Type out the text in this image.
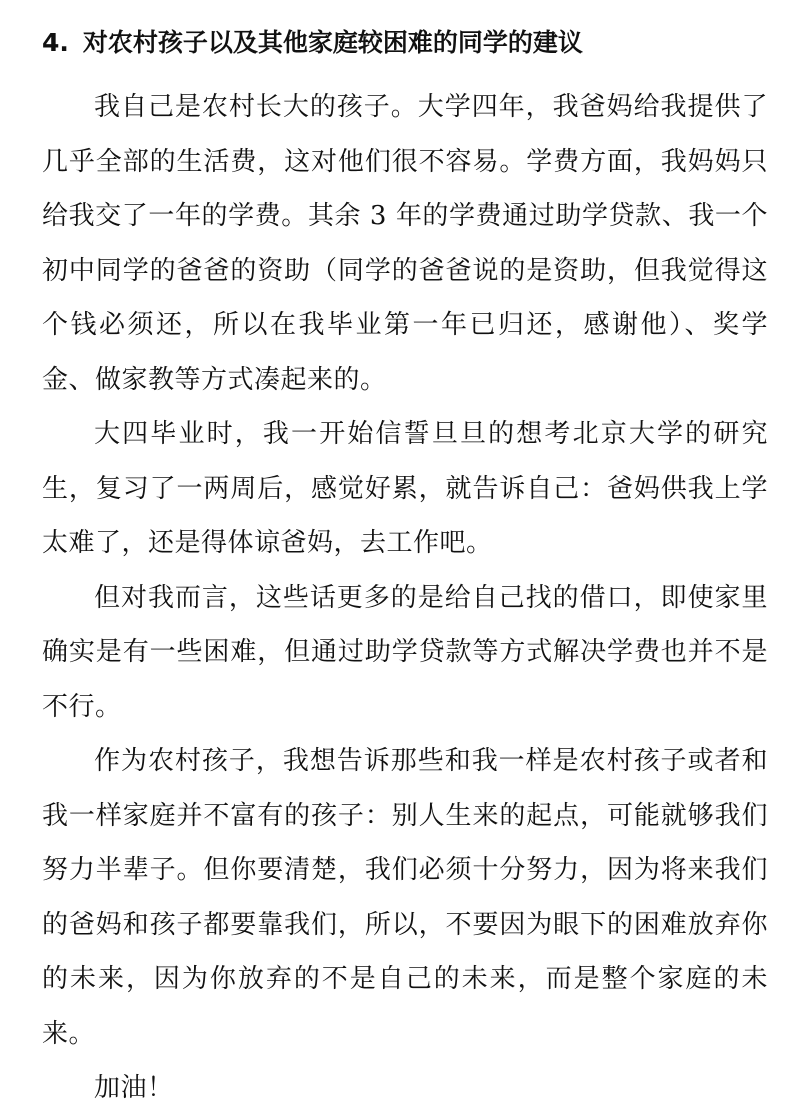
4. 对农村孩子以及其他家庭较困难的同学的建议

我自己是农村长大的孩子。大学四年，我爸妈给我提供了几乎全部的生活费，这对他们很不容易。学费方面，我妈妈只给我交了一年的学费。其余 3 年的学费通过助学贷款、我一个初中同学的爸爸的资助（同学的爸爸说的是资助，但我觉得这个钱必须还，所以在我毕业第一年已归还，感谢他）、奖学金、做家教等方式凑起来的。

大四毕业时，我一开始信誓旦旦的想考北京大学的研究生，复习了一两周后，感觉好累，就告诉自己：爸妈供我上学太难了，还是得体谅爸妈，去工作吧。

但对我而言，这些话更多的是给自己找的借口，即使家里确实是有一些困难，但通过助学贷款等方式解决学费也并不是不行。

作为农村孩子，我想告诉那些和我一样是农村孩子或者和我一样家庭并不富有的孩子：别人生来的起点，可能就够我们努力半辈子。但你要清楚，我们必须十分努力，因为将来我们的爸妈和孩子都要靠我们，所以，不要因为眼下的困难放弃你的未来，因为你放弃的不是自己的未来，而是整个家庭的未来。

加油！
